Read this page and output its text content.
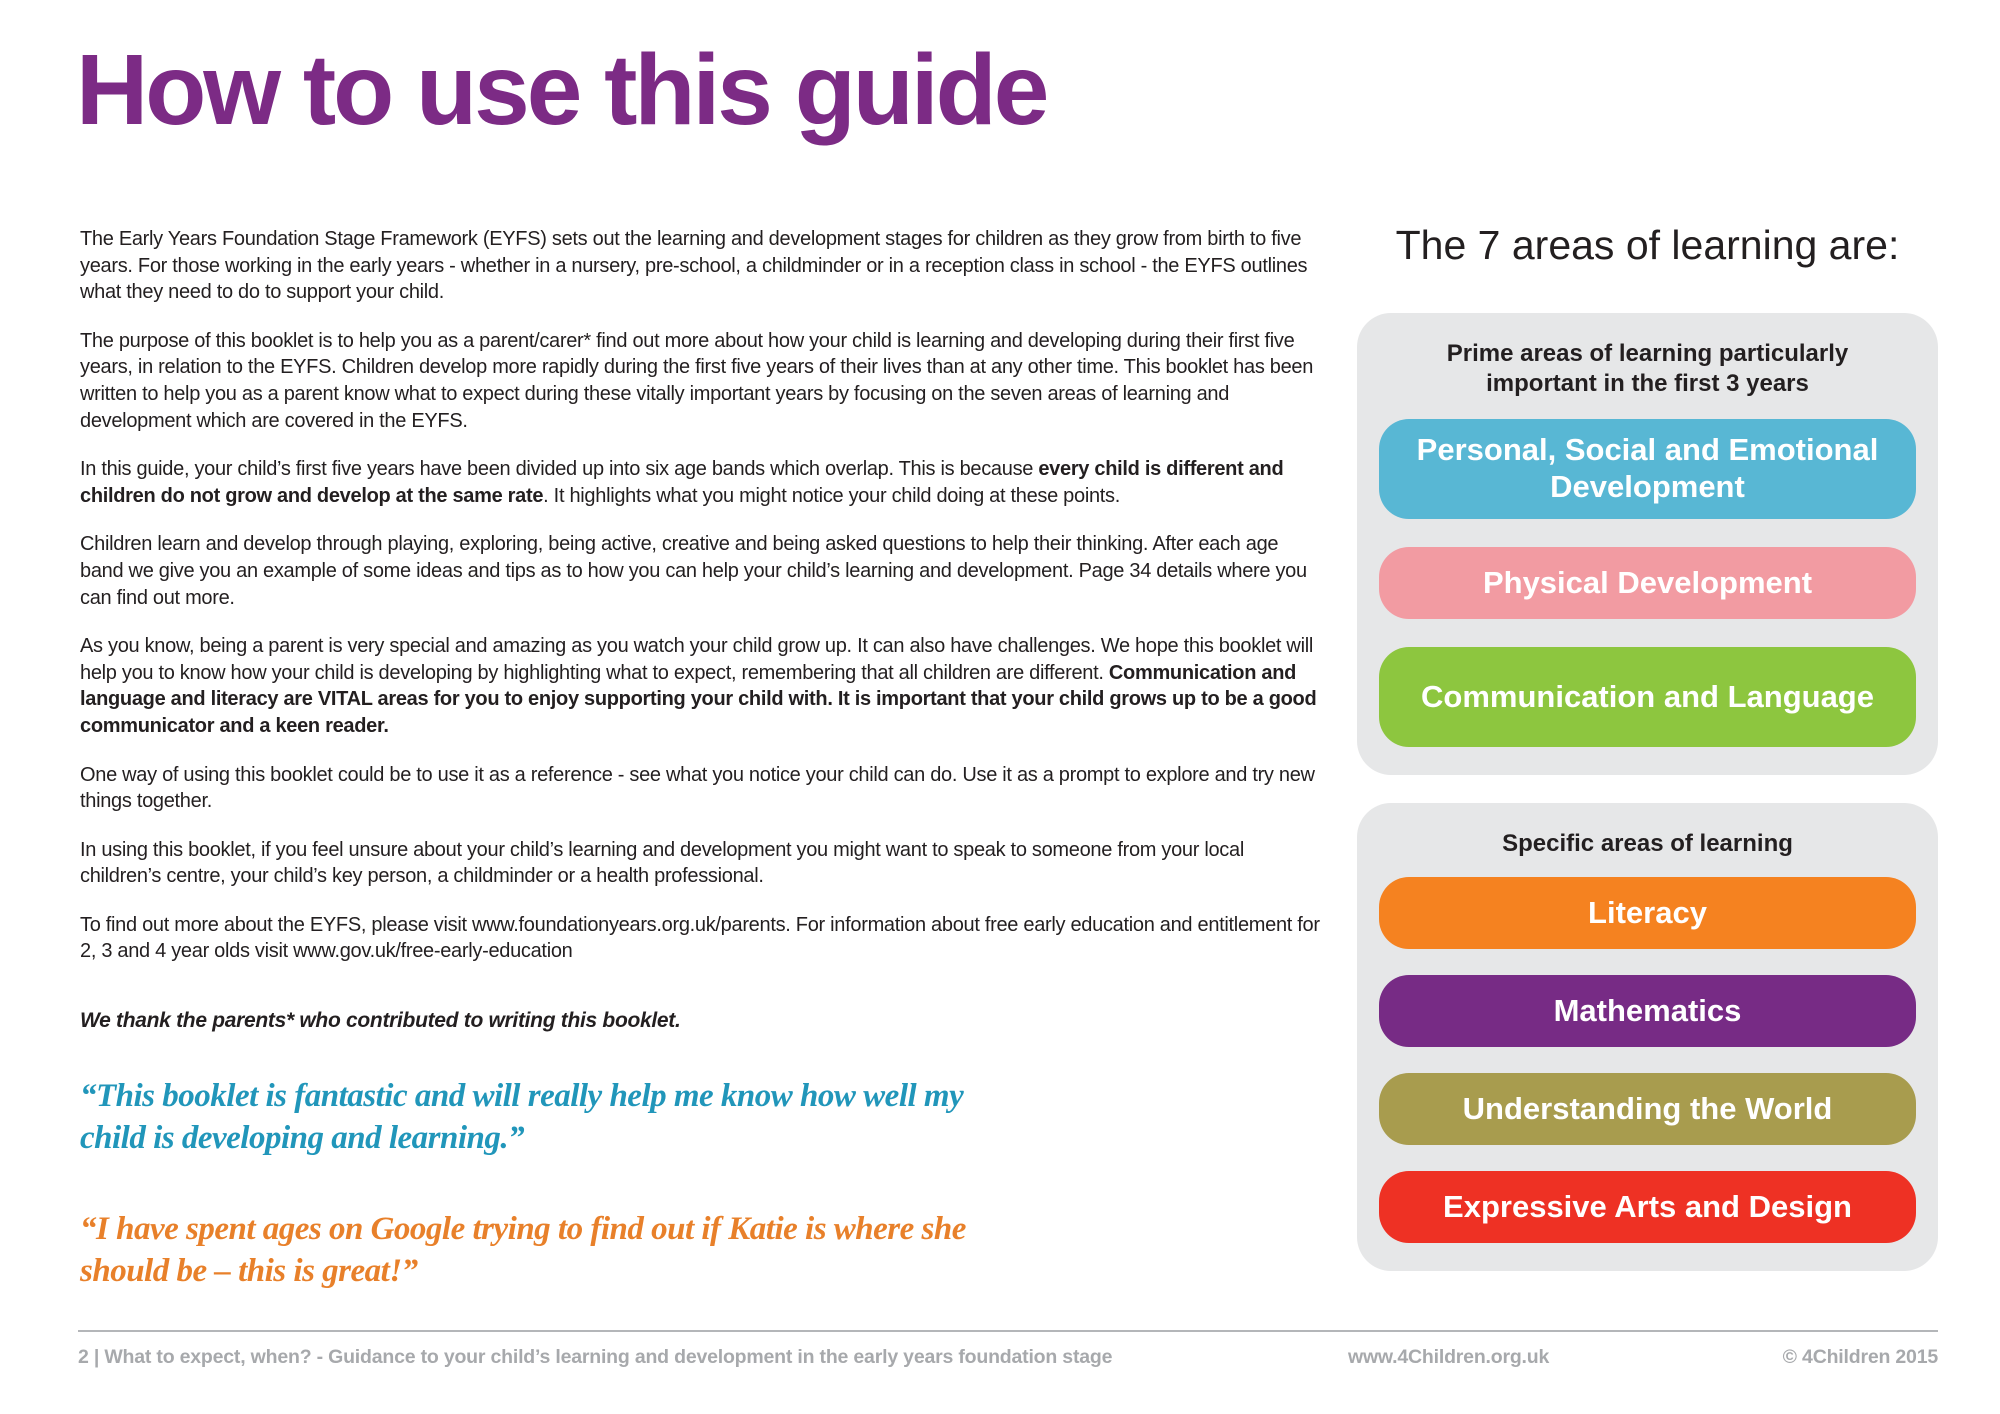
How to use this guide

The Early Years Foundation Stage Framework (EYFS) sets out the learning and development stages for children as they grow from birth to five years. For those working in the early years - whether in a nursery, pre-school, a childminder or in a reception class in school - the EYFS outlines what they need to do to support your child.

The purpose of this booklet is to help you as a parent/carer* find out more about how your child is learning and developing during their first five years, in relation to the EYFS. Children develop more rapidly during the first five years of their lives than at any other time. This booklet has been written to help you as a parent know what to expect during these vitally important years by focusing on the seven areas of learning and development which are covered in the EYFS.

In this guide, your child’s first five years have been divided up into six age bands which overlap. This is because every child is different and children do not grow and develop at the same rate. It highlights what you might notice your child doing at these points.

Children learn and develop through playing, exploring, being active, creative and being asked questions to help their thinking. After each age band we give you an example of some ideas and tips as to how you can help your child’s learning and development. Page 34 details where you can find out more.

As you know, being a parent is very special and amazing as you watch your child grow up. It can also have challenges. We hope this booklet will help you to know how your child is developing by highlighting what to expect, remembering that all children are different. Communication and language and literacy are VITAL areas for you to enjoy supporting your child with. It is important that your child grows up to be a good communicator and a keen reader.

One way of using this booklet could be to use it as a reference - see what you notice your child can do. Use it as a prompt to explore and try new things together.

In using this booklet, if you feel unsure about your child’s learning and development you might want to speak to someone from your local children’s centre, your child’s key person, a childminder or a health professional.

To find out more about the EYFS, please visit www.foundationyears.org.uk/parents. For information about free early education and entitlement for 2, 3 and 4 year olds visit www.gov.uk/free-early-education

We thank the parents* who contributed to writing this booklet.

“This booklet is fantastic and will really help me know how well my child is developing and learning.”

“I have spent ages on Google trying to find out if Katie is where she should be – this is great!”

The 7 areas of learning are:
Prime areas of learning particularly important in the first 3 years
Personal, Social and Emotional Development
Physical Development
Communication and Language
Specific areas of learning
Literacy
Mathematics
Understanding the World
Expressive Arts and Design
2 | What to expect, when? - Guidance to your child’s learning and development in the early years foundation stage	www.4Children.org.uk	© 4Children 2015
